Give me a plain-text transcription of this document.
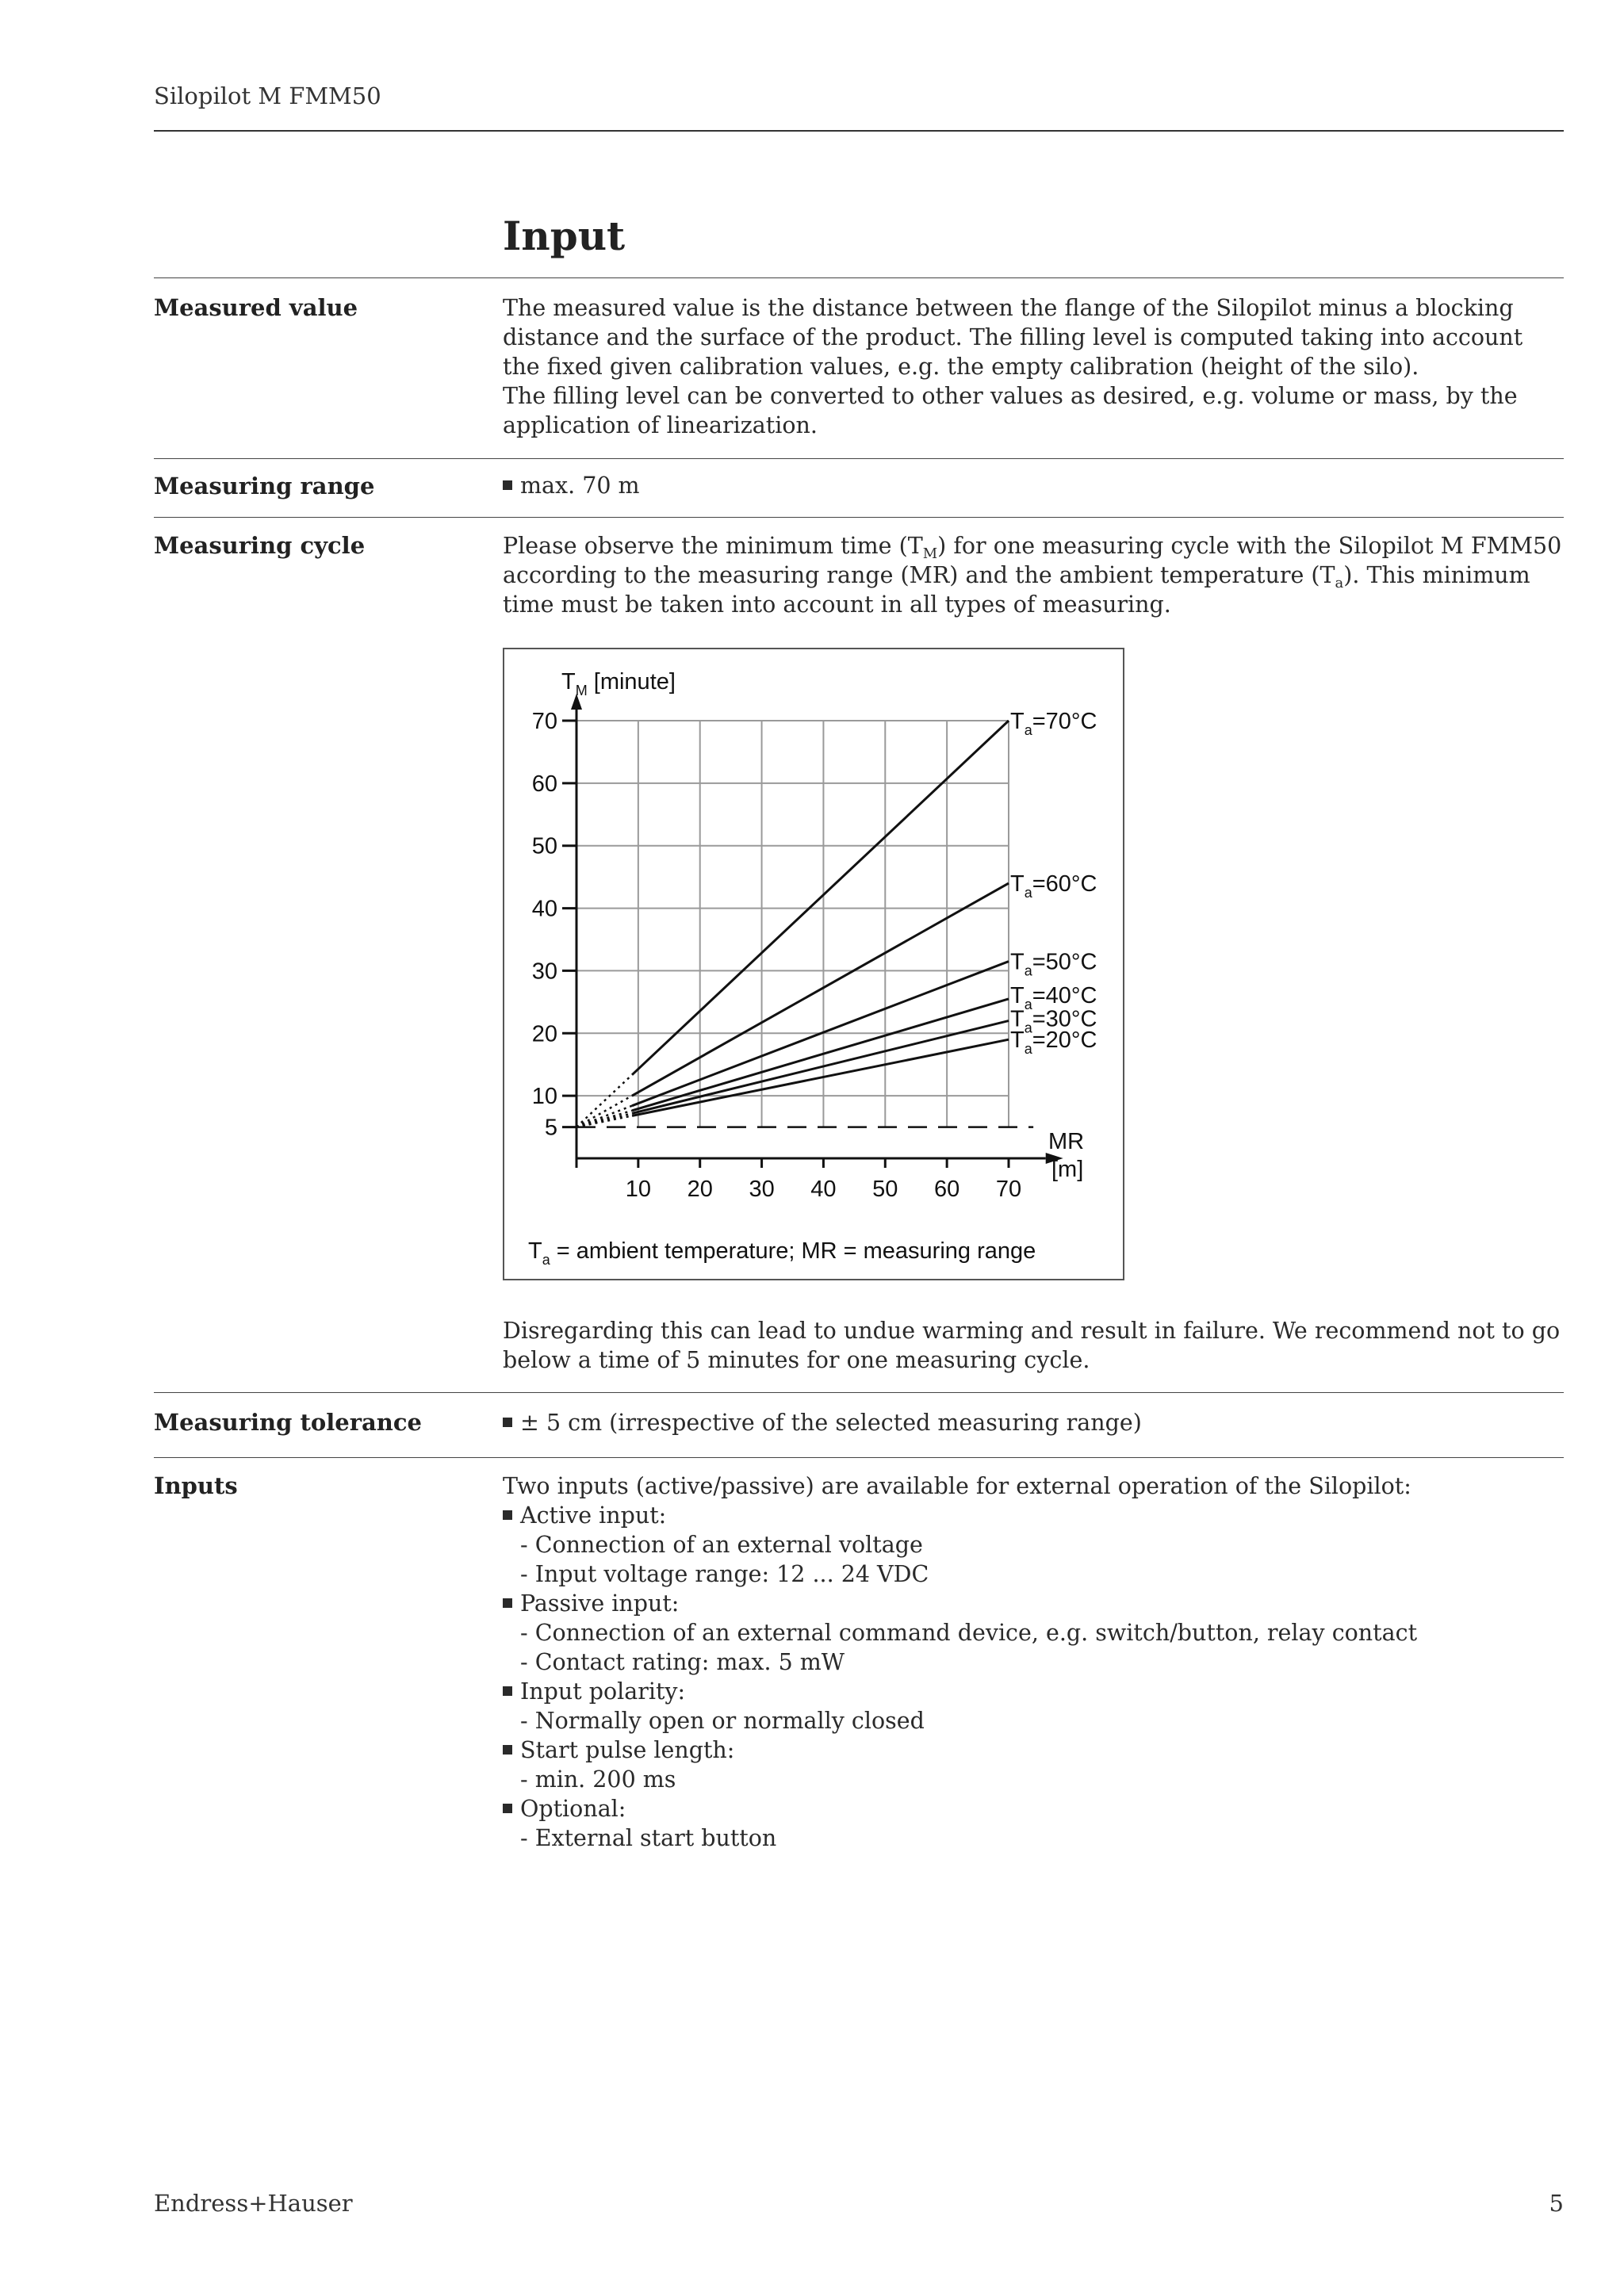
Silopilot M FMM50
Input
Measured value	The measured value is the distance between the flange of the Silopilot minus a blocking distance and the surface of the product. The filling level is computed taking into account the fixed given calibration values, e.g. the empty calibration (height of the silo).

The filling level can be converted to other values as desired, e.g. volume or mass, by the application of linearization.

Measuring range	max. 70 m

Measuring cycle	Please observe the minimum time $(T_M)$ for one measuring cycle with the Silopilot M FMM50 according to the measuring range (MR) and the ambient temperature $(T_a)$. This minimum time must be taken into account in all types of measuring.

5
10
20
30
40
50
60
70
10 20 30 40 50 60 70
$T_a=70^\circ C$
$T_a=60^\circ C$
$T_a=50^\circ C$
$T_a=40^\circ C$
$T_a=30^\circ C$
$T_a=20^\circ C$
$T_M$ [minute]
MR
[m]
$T_a$ = ambient temperature; MR = measuring range

Disregarding this can lead to undue warming and result in failure. We recommend not to go below a time of 5 minutes for one measuring cycle.

Measuring tolerance	± 5 cm (irrespective of the selected measuring range)

Inputs	Two inputs (active/passive) are available for external operation of the Silopilot:

Active input:

- Connection of an external voltage

- Input voltage range: 12 ... 24 VDC

Passive input:

- Connection of an external command device, e.g. switch/button, relay contact

- Contact rating: max. 5 mW

Input polarity:

- Normally open or normally closed

Start pulse length:

- min. 200 ms

Optional:

- External start button

Endress+Hauser	5
